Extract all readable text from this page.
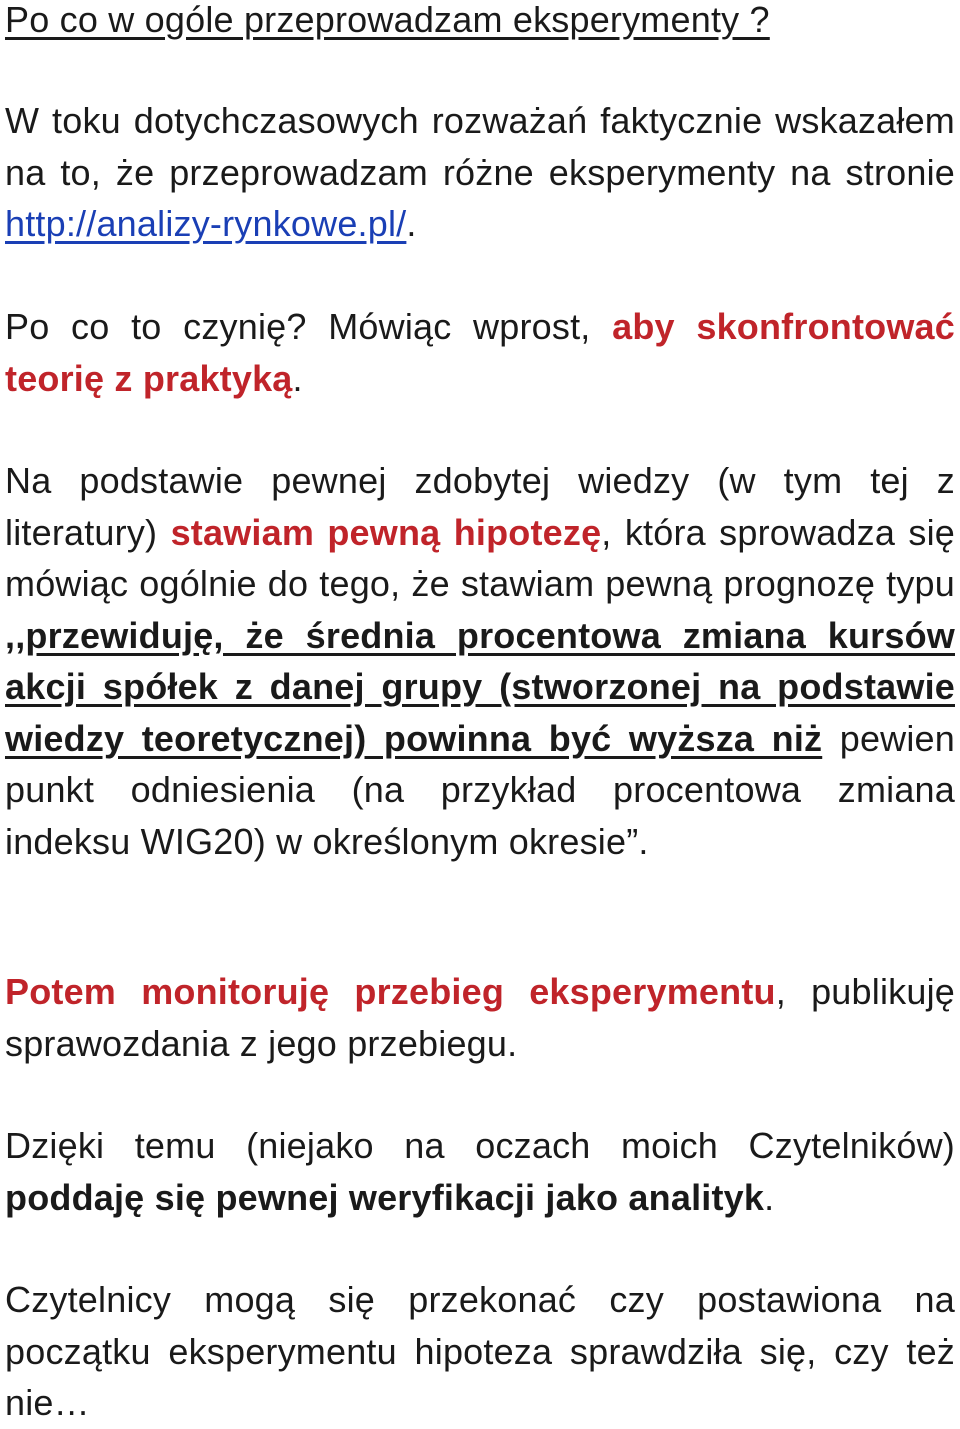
Po co w ogóle przeprowadzam eksperymenty ?

W toku dotychczasowych rozważań faktycznie wskazałem na to, że przeprowadzam różne eksperymenty na stronie http://analizy-rynkowe.pl/.

Po co to czynię? Mówiąc wprost, aby skonfrontować teorię z praktyką.

Na podstawie pewnej zdobytej wiedzy (w tym tej z literatury) stawiam pewną hipotezę, która sprowadza się mówiąc ogólnie do tego, że stawiam pewną prognozę typu ,,przewiduję, że średnia procentowa zmiana kursów akcji spółek z danej grupy (stworzonej na podstawie wiedzy teoretycznej) powinna być wyższa niż pewien punkt odniesienia (na przykład procentowa zmiana indeksu WIG20) w określonym okresie”.

Potem monitoruję przebieg eksperymentu, publikuję sprawozdania z jego przebiegu.

Dzięki temu (niejako na oczach moich Czytelników) poddaję się pewnej weryfikacji jako analityk.

Czytelnicy mogą się przekonać czy postawiona na początku eksperymentu hipoteza sprawdziła się, czy też nie…
